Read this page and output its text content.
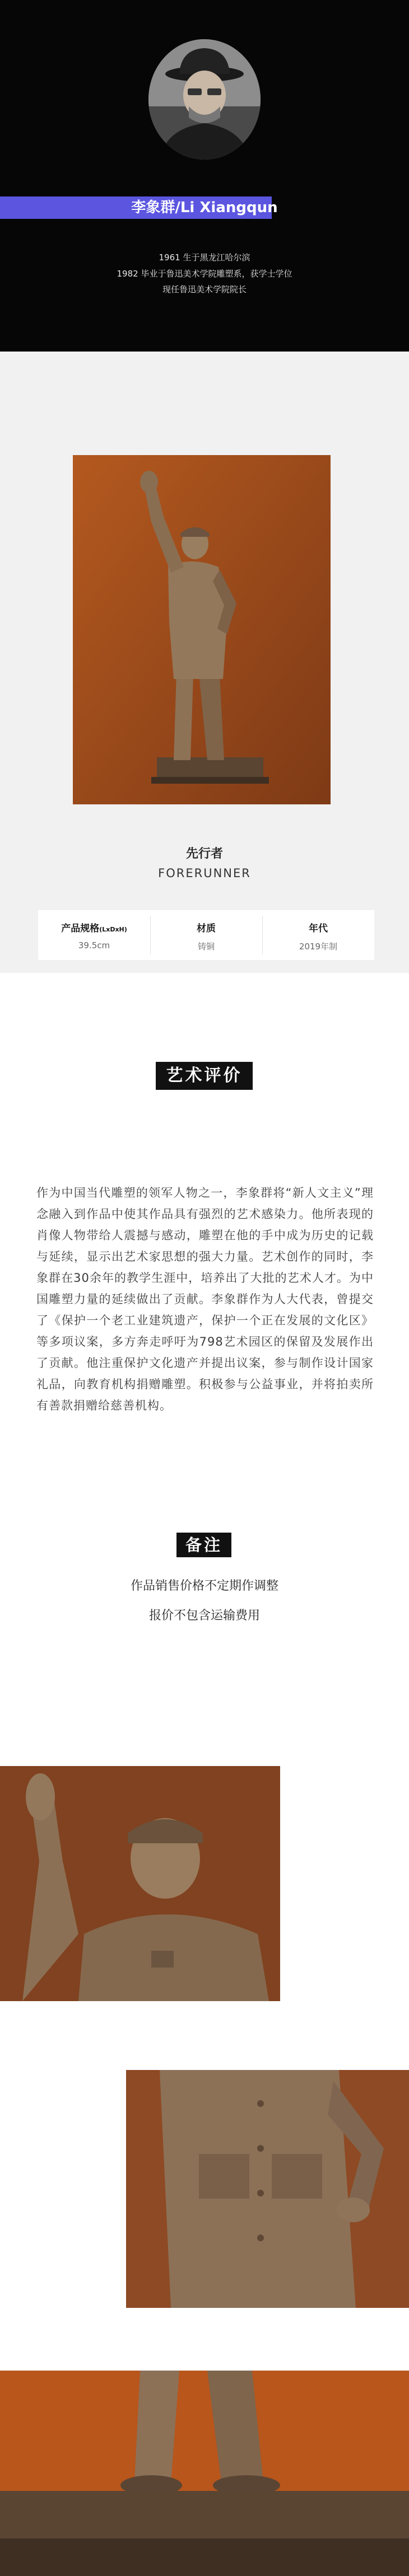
李象群/Li Xiangqun
1961 生于黑龙江哈尔滨
1982 毕业于鲁迅美术学院雕塑系，获学士学位
现任鲁迅美术学院院长
先行者
FORERUNNER
产品规格(LxDxH)
39.5cm
材质
铸铜
年代
2019年制
艺术评价
作为中国当代雕塑的领军人物之一，李象群将“新人文主义”理念融入到作品中使其作品具有强烈的艺术感染力。他所表现的肖像人物带给人震撼与感动，雕塑在他的手中成为历史的记载与延续，显示出艺术家思想的强大力量。艺术创作的同时，李象群在30余年的教学生涯中，培养出了大批的艺术人才。为中国雕塑力量的延续做出了贡献。李象群作为人大代表，曾提交了《保护一个老工业建筑遗产，保护一个正在发展的文化区》等多项议案，多方奔走呼吁为798艺术园区的保留及发展作出了贡献。他注重保护文化遗产并提出议案，参与制作设计国家礼品，向教育机构捐赠雕塑。积极参与公益事业，并将拍卖所有善款捐赠给慈善机构。
备注
作品销售价格不定期作调整
报价不包含运输费用
